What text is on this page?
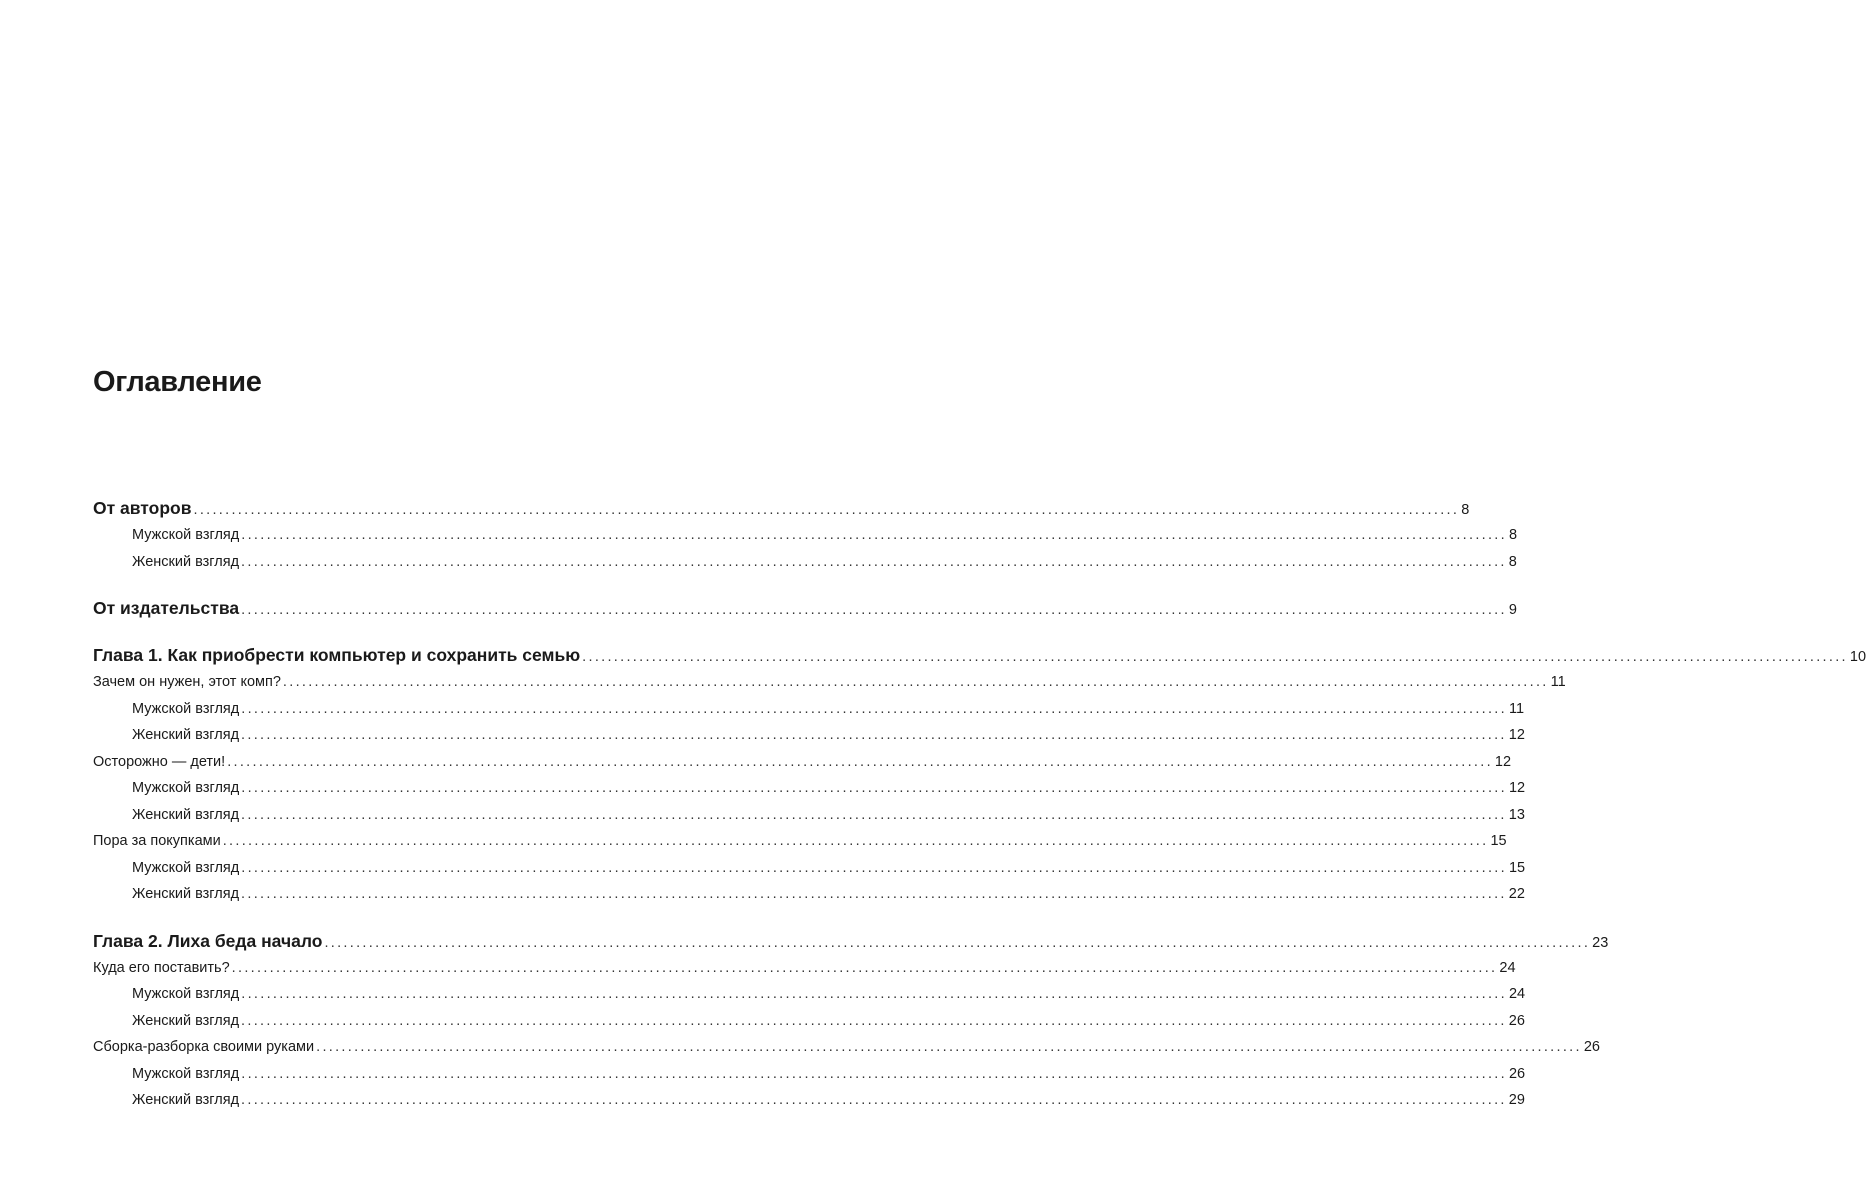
Оглавление
От авторов ........................................................................................................................................................................................................ 8
Мужской взгляд ........................................................................................................................................................................................................ 8
Женский взгляд ........................................................................................................................................................................................................ 8
От издательства ........................................................................................................................................................................................................ 9
Глава 1. Как приобрести компьютер и сохранить семью ........................................................................................................................................................................................................ 10
Зачем он нужен, этот комп? ........................................................................................................................................................................................................ 11
Мужской взгляд ........................................................................................................................................................................................................ 11
Женский взгляд ........................................................................................................................................................................................................ 12
Осторожно — дети! ........................................................................................................................................................................................................ 12
Мужской взгляд ........................................................................................................................................................................................................ 12
Женский взгляд ........................................................................................................................................................................................................ 13
Пора за покупками ........................................................................................................................................................................................................ 15
Мужской взгляд ........................................................................................................................................................................................................ 15
Женский взгляд ........................................................................................................................................................................................................ 22
Глава 2. Лиха беда начало ........................................................................................................................................................................................................ 23
Куда его поставить? ........................................................................................................................................................................................................ 24
Мужской взгляд ........................................................................................................................................................................................................ 24
Женский взгляд ........................................................................................................................................................................................................ 26
Сборка-разборка своими руками ........................................................................................................................................................................................................ 26
Мужской взгляд ........................................................................................................................................................................................................ 26
Женский взгляд ........................................................................................................................................................................................................ 29
